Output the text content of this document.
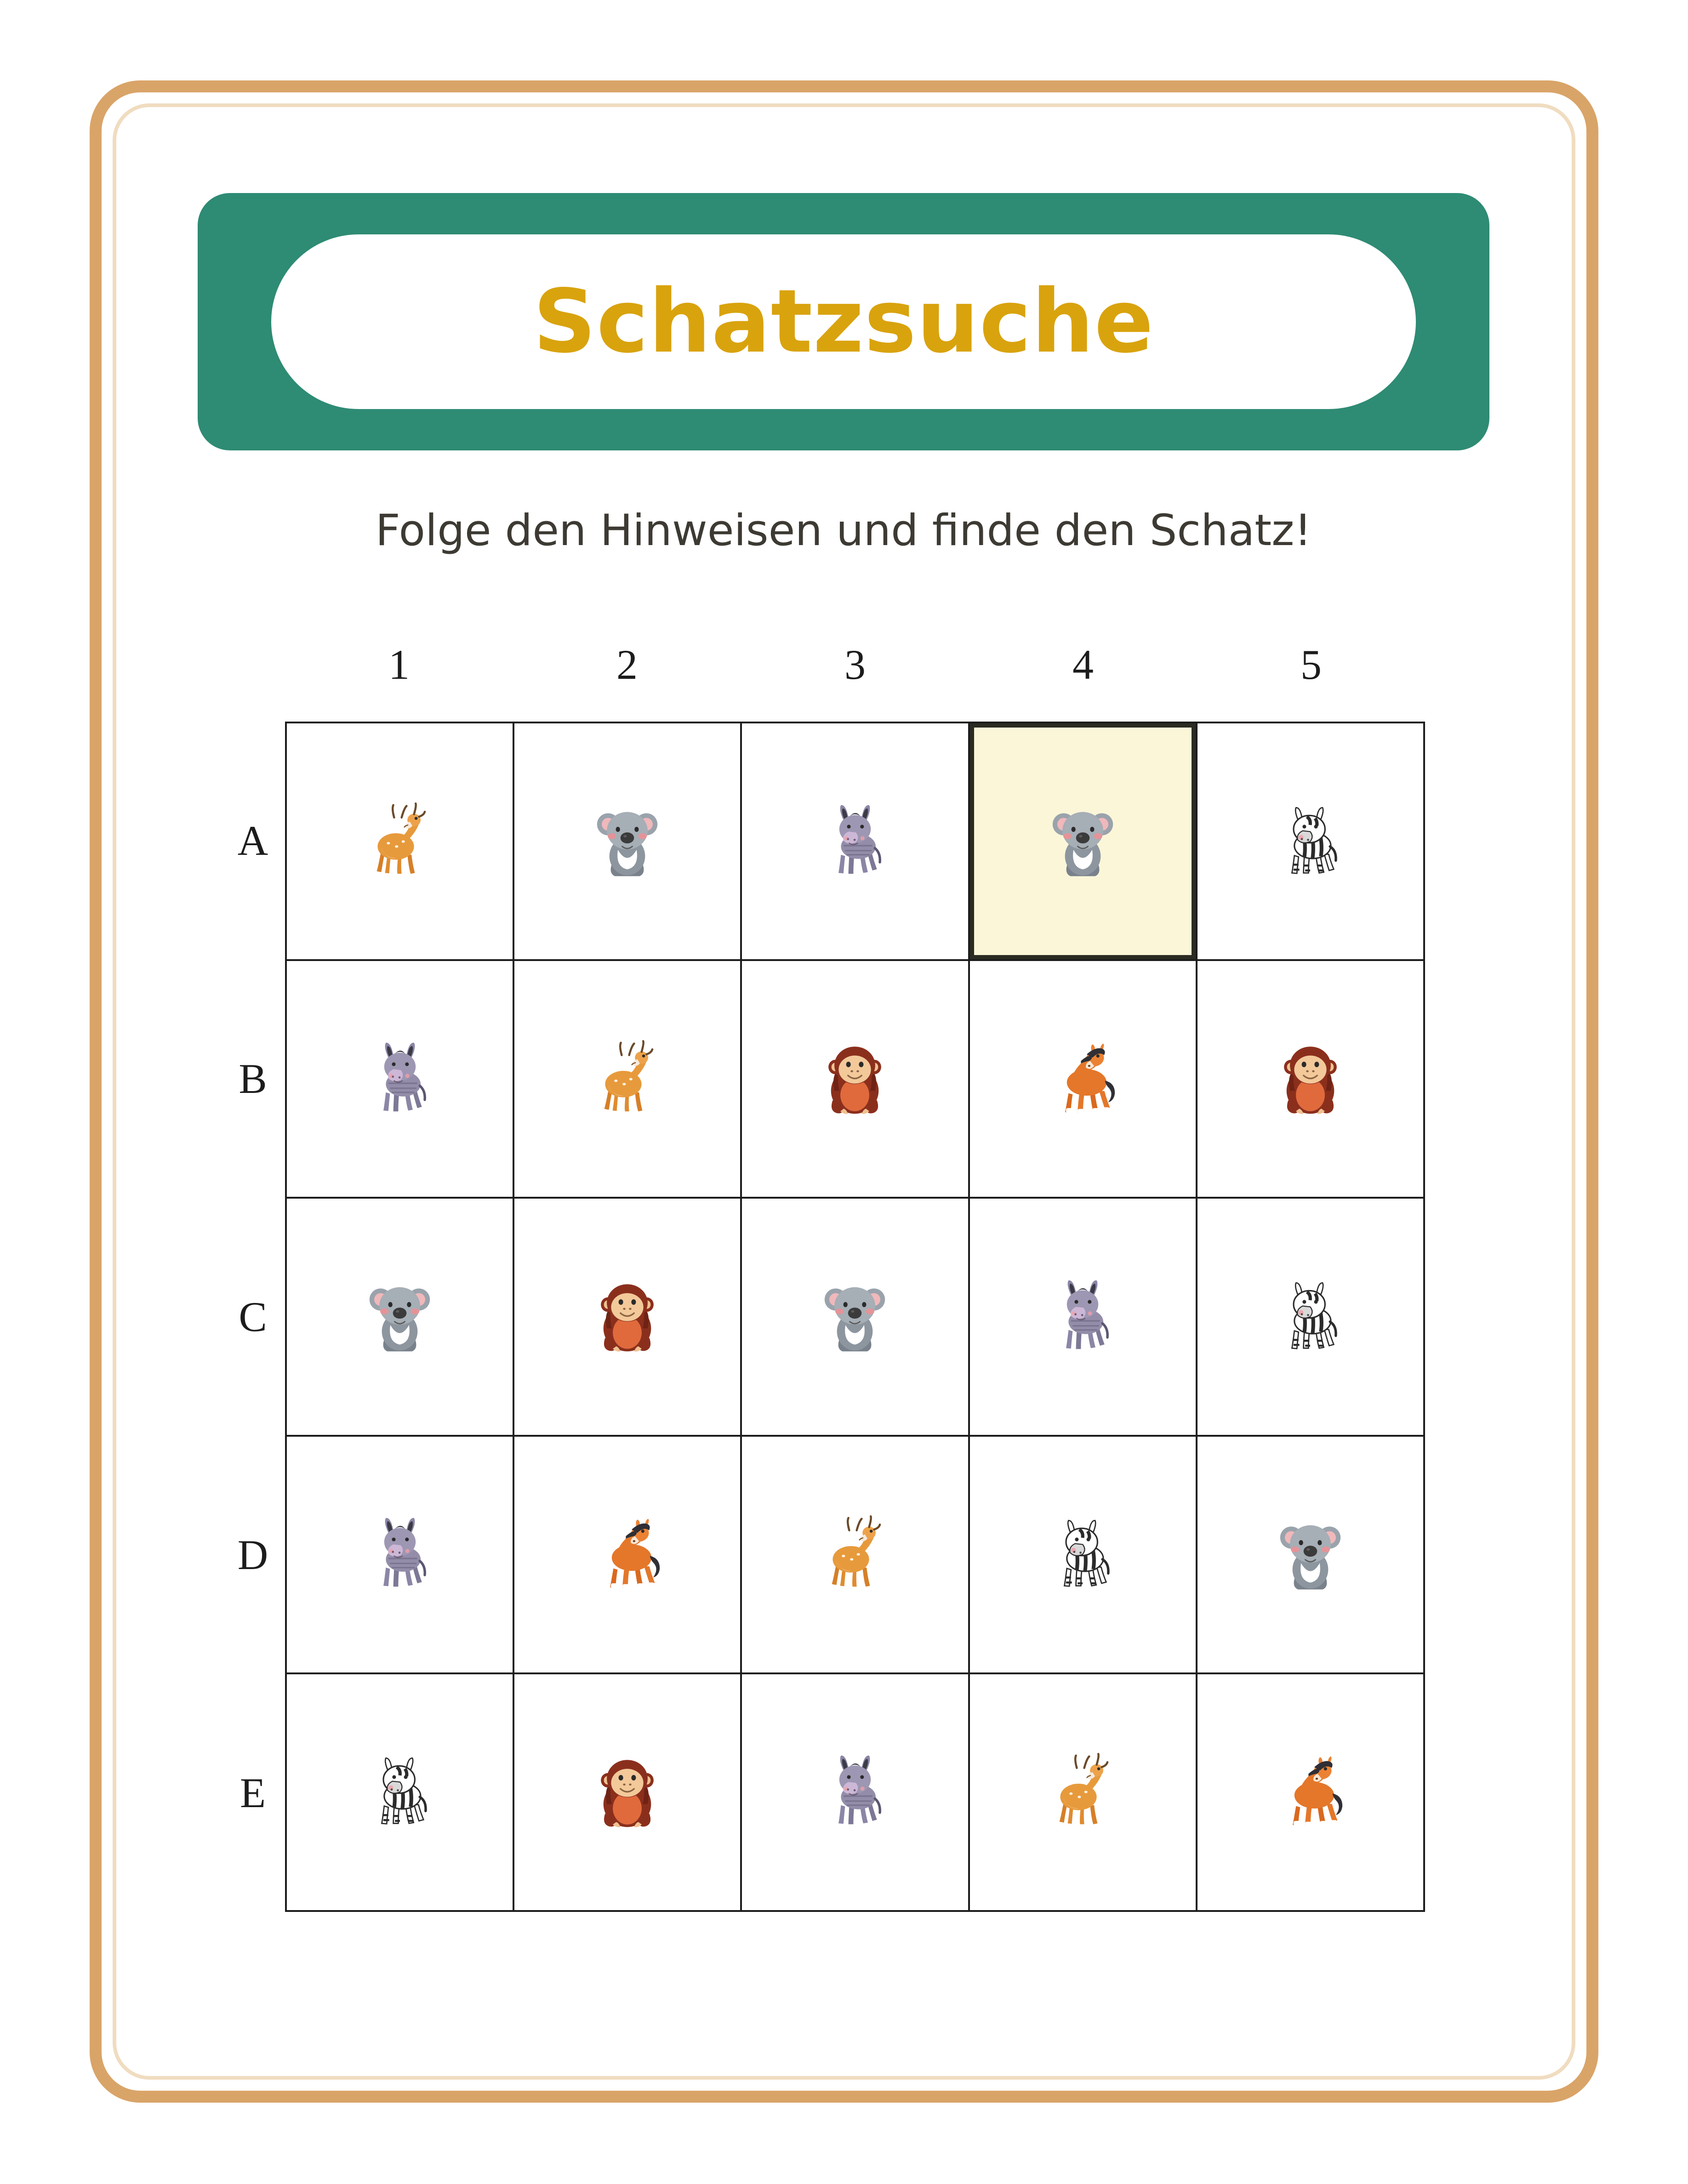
Schatzsuche
Folge den Hinweisen und finde den Schatz!
1	2	3	4	5
A
B
C
D
E
